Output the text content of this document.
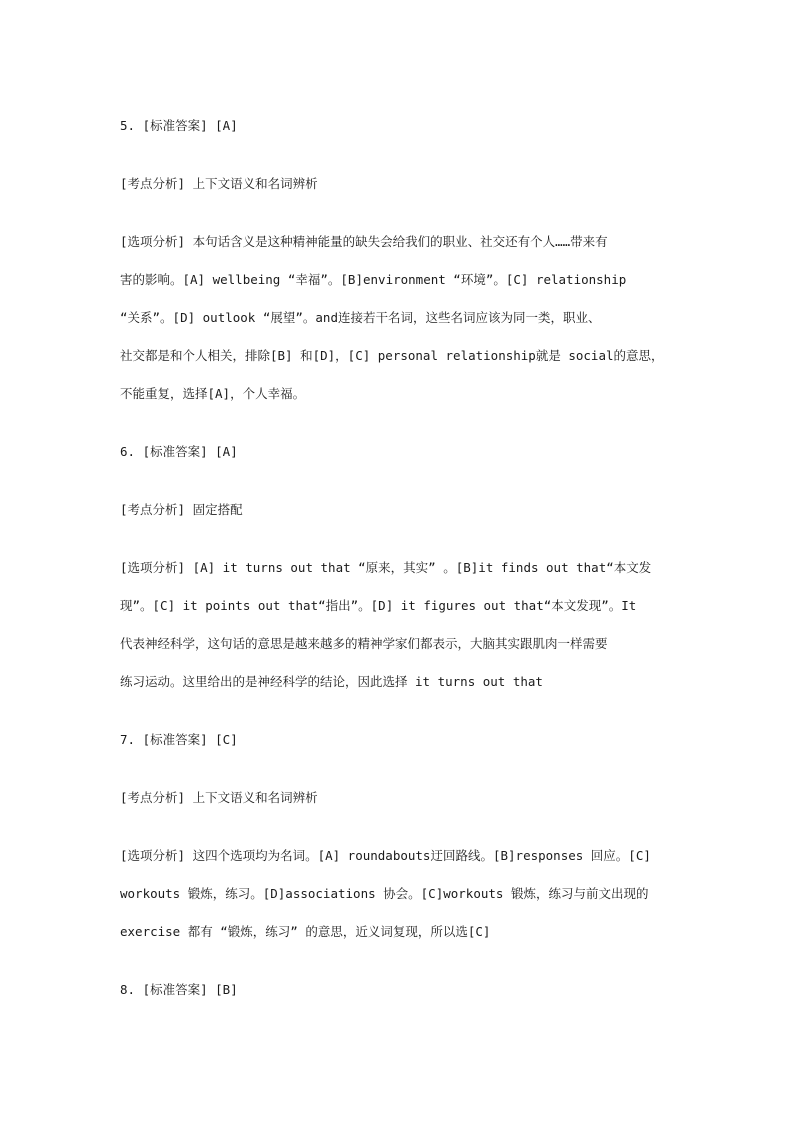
5. [标准答案] [A]
[考点分析] 上下文语义和名词辨析
[选项分析] 本句话含义是这种精神能量的缺失会给我们的职业、社交还有个人……带来有
害的影响。[A] wellbeing “幸福”。[B]environment “环境”。[C] relationship
“关系”。[D] outlook “展望”。and连接若干名词，这些名词应该为同一类，职业、
社交都是和个人相关，排除[B] 和[D]，[C] personal relationship就是 social的意思，
不能重复，选择[A]，个人幸福。
6. [标准答案] [A]
[考点分析] 固定搭配
[选项分析] [A] it turns out that “原来，其实” 。[B]it finds out that“本文发
现”。[C] it points out that“指出”。[D] it figures out that“本文发现”。It
代表神经科学，这句话的意思是越来越多的精神学家们都表示，大脑其实跟肌肉一样需要
练习运动。这里给出的是神经科学的结论，因此选择 it turns out that
7. [标准答案] [C]
[考点分析] 上下文语义和名词辨析
[选项分析] 这四个选项均为名词。[A] roundabouts迂回路线。[B]responses 回应。[C]
workouts 锻炼，练习。[D]associations 协会。[C]workouts 锻炼，练习与前文出现的
exercise 都有 “锻炼，练习” 的意思，近义词复现，所以选[C]
8. [标准答案] [B]
